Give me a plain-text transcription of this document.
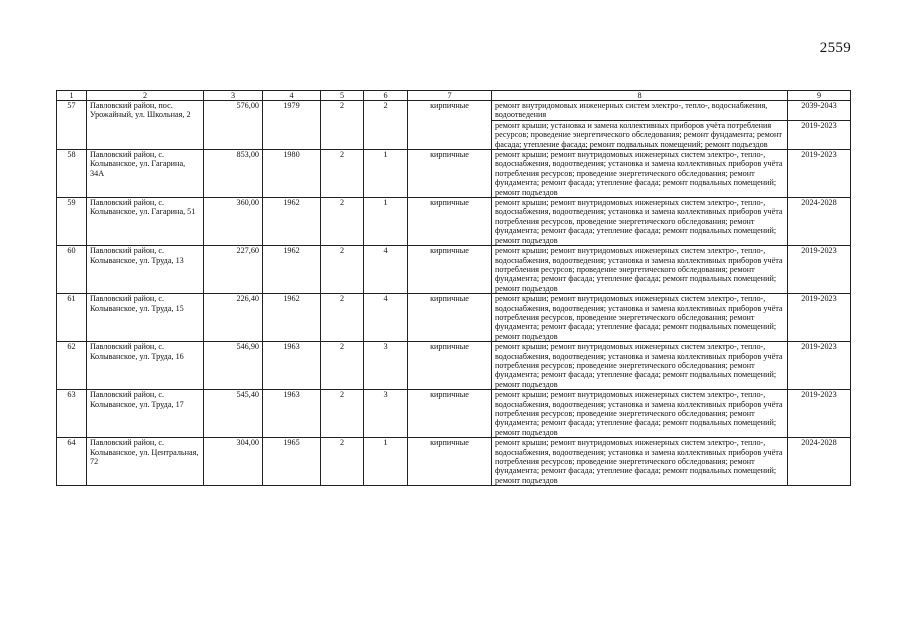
2559
1	2	3	4	5	6	7	8	9
57	Павловский район, пос. Урожайный, ул. Школьная, 2	576,00	1979	2	2	кирпичные	ремонт внутридомовых инженерных систем электро-, тепло-, водоснабжения, водоотведения	2039-2043
							ремонт крыши; установка и замена коллективных приборов учёта потребления ресурсов; проведение энергетического обследования; ремонт фундамента; ремонт фасада; утепление фасада; ремонт подвальных помещений; ремонт подъездов	2019-2023
58	Павловский район, с. Колыванское, ул. Гагарина, 34А	853,00	1980	2	1	кирпичные	ремонт крыши; ремонт внутридомовых инженерных систем электро-, тепло-, водоснабжения, водоотведения; установка и замена коллективных приборов учёта потребления ресурсов; проведение энергетического обследования; ремонт фундамента; ремонт фасада; утепление фасада; ремонт подвальных помещений; ремонт подъездов	2019-2023
59	Павловский район, с. Колыванское, ул. Гагарина, 51	360,00	1962	2	1	кирпичные	ремонт крыши; ремонт внутридомовых инженерных систем электро-, тепло-, водоснабжения, водоотведения; установка и замена коллективных приборов учёта потребления ресурсов, проведение энергетического обследования; ремонт фундамента; ремонт фасада; утепление фасада; ремонт подвальных помещений; ремонт подъездов	2024-2028
60	Павловский район, с. Колыванское, ул. Труда, 13	227,60	1962	2	4	кирпичные	ремонт крыши; ремонт внутридомовых инженерных систем электро-, тепло-, водоснабжения, водоотведения; установка и замена коллективных приборов учёта потребления ресурсов; проведение энергетического обследования; ремонт фундамента; ремонт фасада; утепление фасада; ремонт подвальных помещений; ремонт подъездов	2019-2023
61	Павловский район, с. Колыванское, ул. Труда, 15	226,40	1962	2	4	кирпичные	ремонт крыши; ремонт внутридомовых инженерных систем электро-, тепло-, водоснабжения, водоотведения; установка и замена коллективных приборов учёта потребления ресурсов, проведение энергетического обследования; ремонт фундамента; ремонт фасада; утепление фасада; ремонт подвальных помещений; ремонт подъездов	2019-2023
62	Павловский район, с. Колыванское, ул. Труда, 16	546,90	1963	2	3	кирпичные	ремонт крыши; ремонт внутридомовых инженерных систем электро-, тепло-, водоснабжения, водоотведения; установка и замена коллективных приборов учёта потребления ресурсов; проведение энергетического обследования; ремонт фундамента; ремонт фасада; утепление фасада; ремонт подвальных помещений; ремонт подъездов	2019-2023
63	Павловский район, с. Колыванское, ул. Труда, 17	545,40	1963	2	3	кирпичные	ремонт крыши; ремонт внутридомовых инженерных систем электро-, тепло-, водоснабжения, водоотведения; установка и замена коллективных приборов учёта потребления ресурсов; проведение энергетического обследования; ремонт фундамента; ремонт фасада; утепление фасада; ремонт подвальных помещений; ремонт подъездов	2019-2023
64	Павловский район, с. Колыванское, ул. Центральная, 72	304,00	1965	2	1	кирпичные	ремонт крыши; ремонт внутридомовых инженерных систем электро-, тепло-, водоснабжения, водоотведения; установка и замена коллективных приборов учёта потребления ресурсов; проведение энергетического обследования; ремонт фундамента; ремонт фасада; утепление фасада; ремонт подвальных помещений; ремонт подъездов	2024-2028
